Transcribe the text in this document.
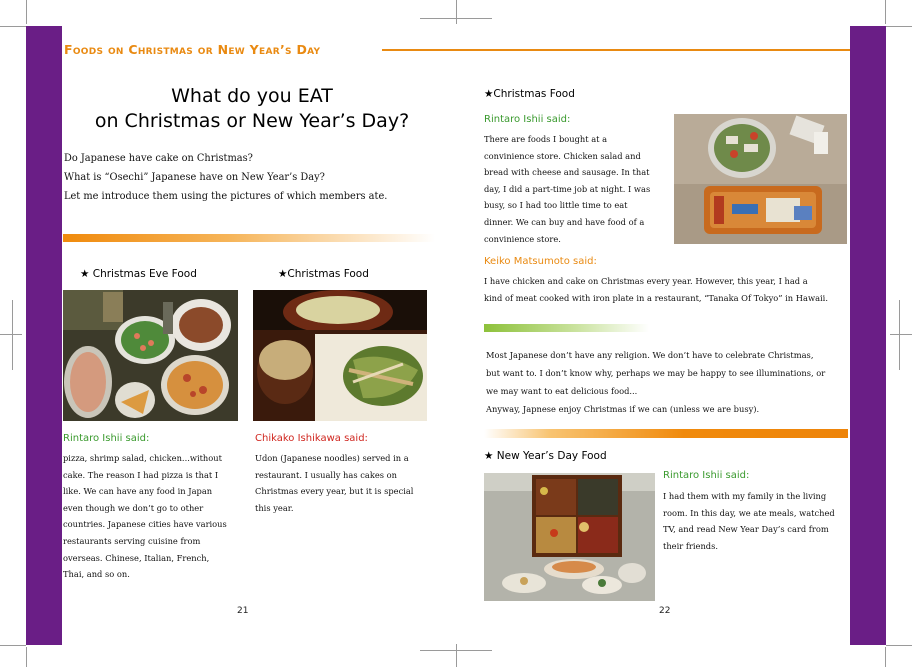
Foods on Christmas or New Year’s Day
What do you EAT
on Christmas or New Year’s Day?
Do Japanese have cake on Christmas?
What is “Osechi” Japanese have on New Year’s Day?
Let me introduce them using the pictures of which members ate.
★ Christmas Eve Food	★Christmas Food
Rintaro Ishii said:
pizza, shrimp salad, chicken...without
cake. The reason I had pizza is that I
like. We can have any food in Japan
even though we don’t go to other
countries. Japanese cities have various
restaurants serving cuisine from
overseas. Chinese, Italian, French,
Thai, and so on.
Chikako Ishikawa said:
Udon (Japanese noodles) served in a
restaurant. I usually has cakes on
Christmas every year, but it is special
this year.
21
★Christmas Food
Rintaro Ishii said:
There are foods I bought at a
convinience store. Chicken salad and
bread with cheese and sausage. In that
day, I did a part-time job at night. I was
busy, so I had too little time to eat
dinner. We can buy and have food of a
convinience store.
Keiko Matsumoto said:
I have chicken and cake on Christmas every year. However, this year, I had a
kind of meat cooked with iron plate in a restaurant, “Tanaka Of Tokyo” in Hawaii.
Most Japanese don’t have any religion. We don’t have to celebrate Christmas,
but want to. I don’t know why, perhaps we may be happy to see illuminations, or
we may want to eat delicious food...
Anyway, Japnese enjoy Christmas if we can (unless we are busy).
★ New Year’s Day Food
Rintaro Ishii said:
I had them with my family in the living
room. In this day, we ate meals, watched
TV, and read New Year Day’s card from
their friends.
22
